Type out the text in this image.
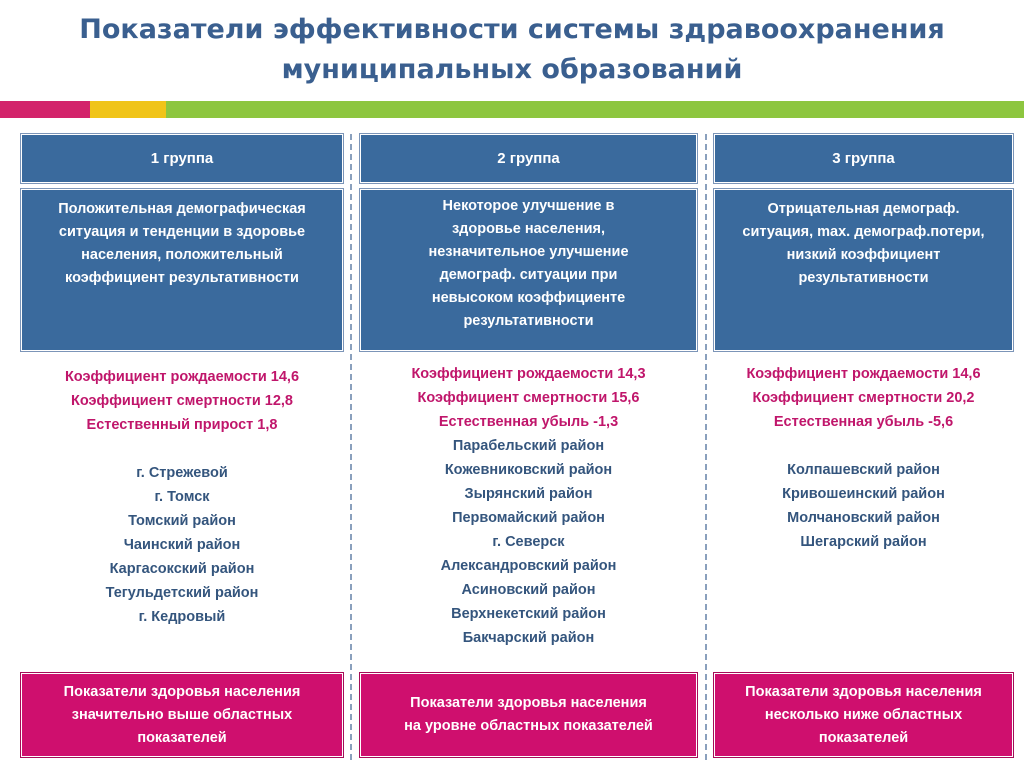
Показатели эффективности системы здравоохранения
муниципальных образований
1 группа	2 группа	3 группа
Положительная демографическая
ситуация и тенденции в здоровье
населения, положительный
коэффициент результативности
Некоторое улучшение в
здоровье населения,
незначительное улучшение
демограф. ситуации при
невысоком коэффициенте
результативности
Отрицательная демограф.
ситуация, max. демограф.потери,
низкий коэффициент
результативности
Коэффициент рождаемости 14,6
Коэффициент смертности 12,8
Естественный прирост 1,8
г. Стрежевой
г. Томск
Томский район
Чаинский район
Каргасокский район
Тегульдетский район
г. Кедровый
Коэффициент рождаемости 14,3
Коэффициент смертности 15,6
Естественная убыль -1,3
Парабельский район
Кожевниковский район
Зырянский район
Первомайский район
г. Северск
Александровский район
Асиновский район
Верхнекетский район
Бакчарский район
Коэффициент рождаемости 14,6
Коэффициент смертности 20,2
Естественная убыль -5,6
Колпашевский район
Кривошеинский район
Молчановский район
Шегарский район
Показатели здоровья населения
значительно выше областных
показателей
Показатели здоровья населения
на уровне областных показателей
Показатели здоровья населения
несколько ниже областных
показателей
